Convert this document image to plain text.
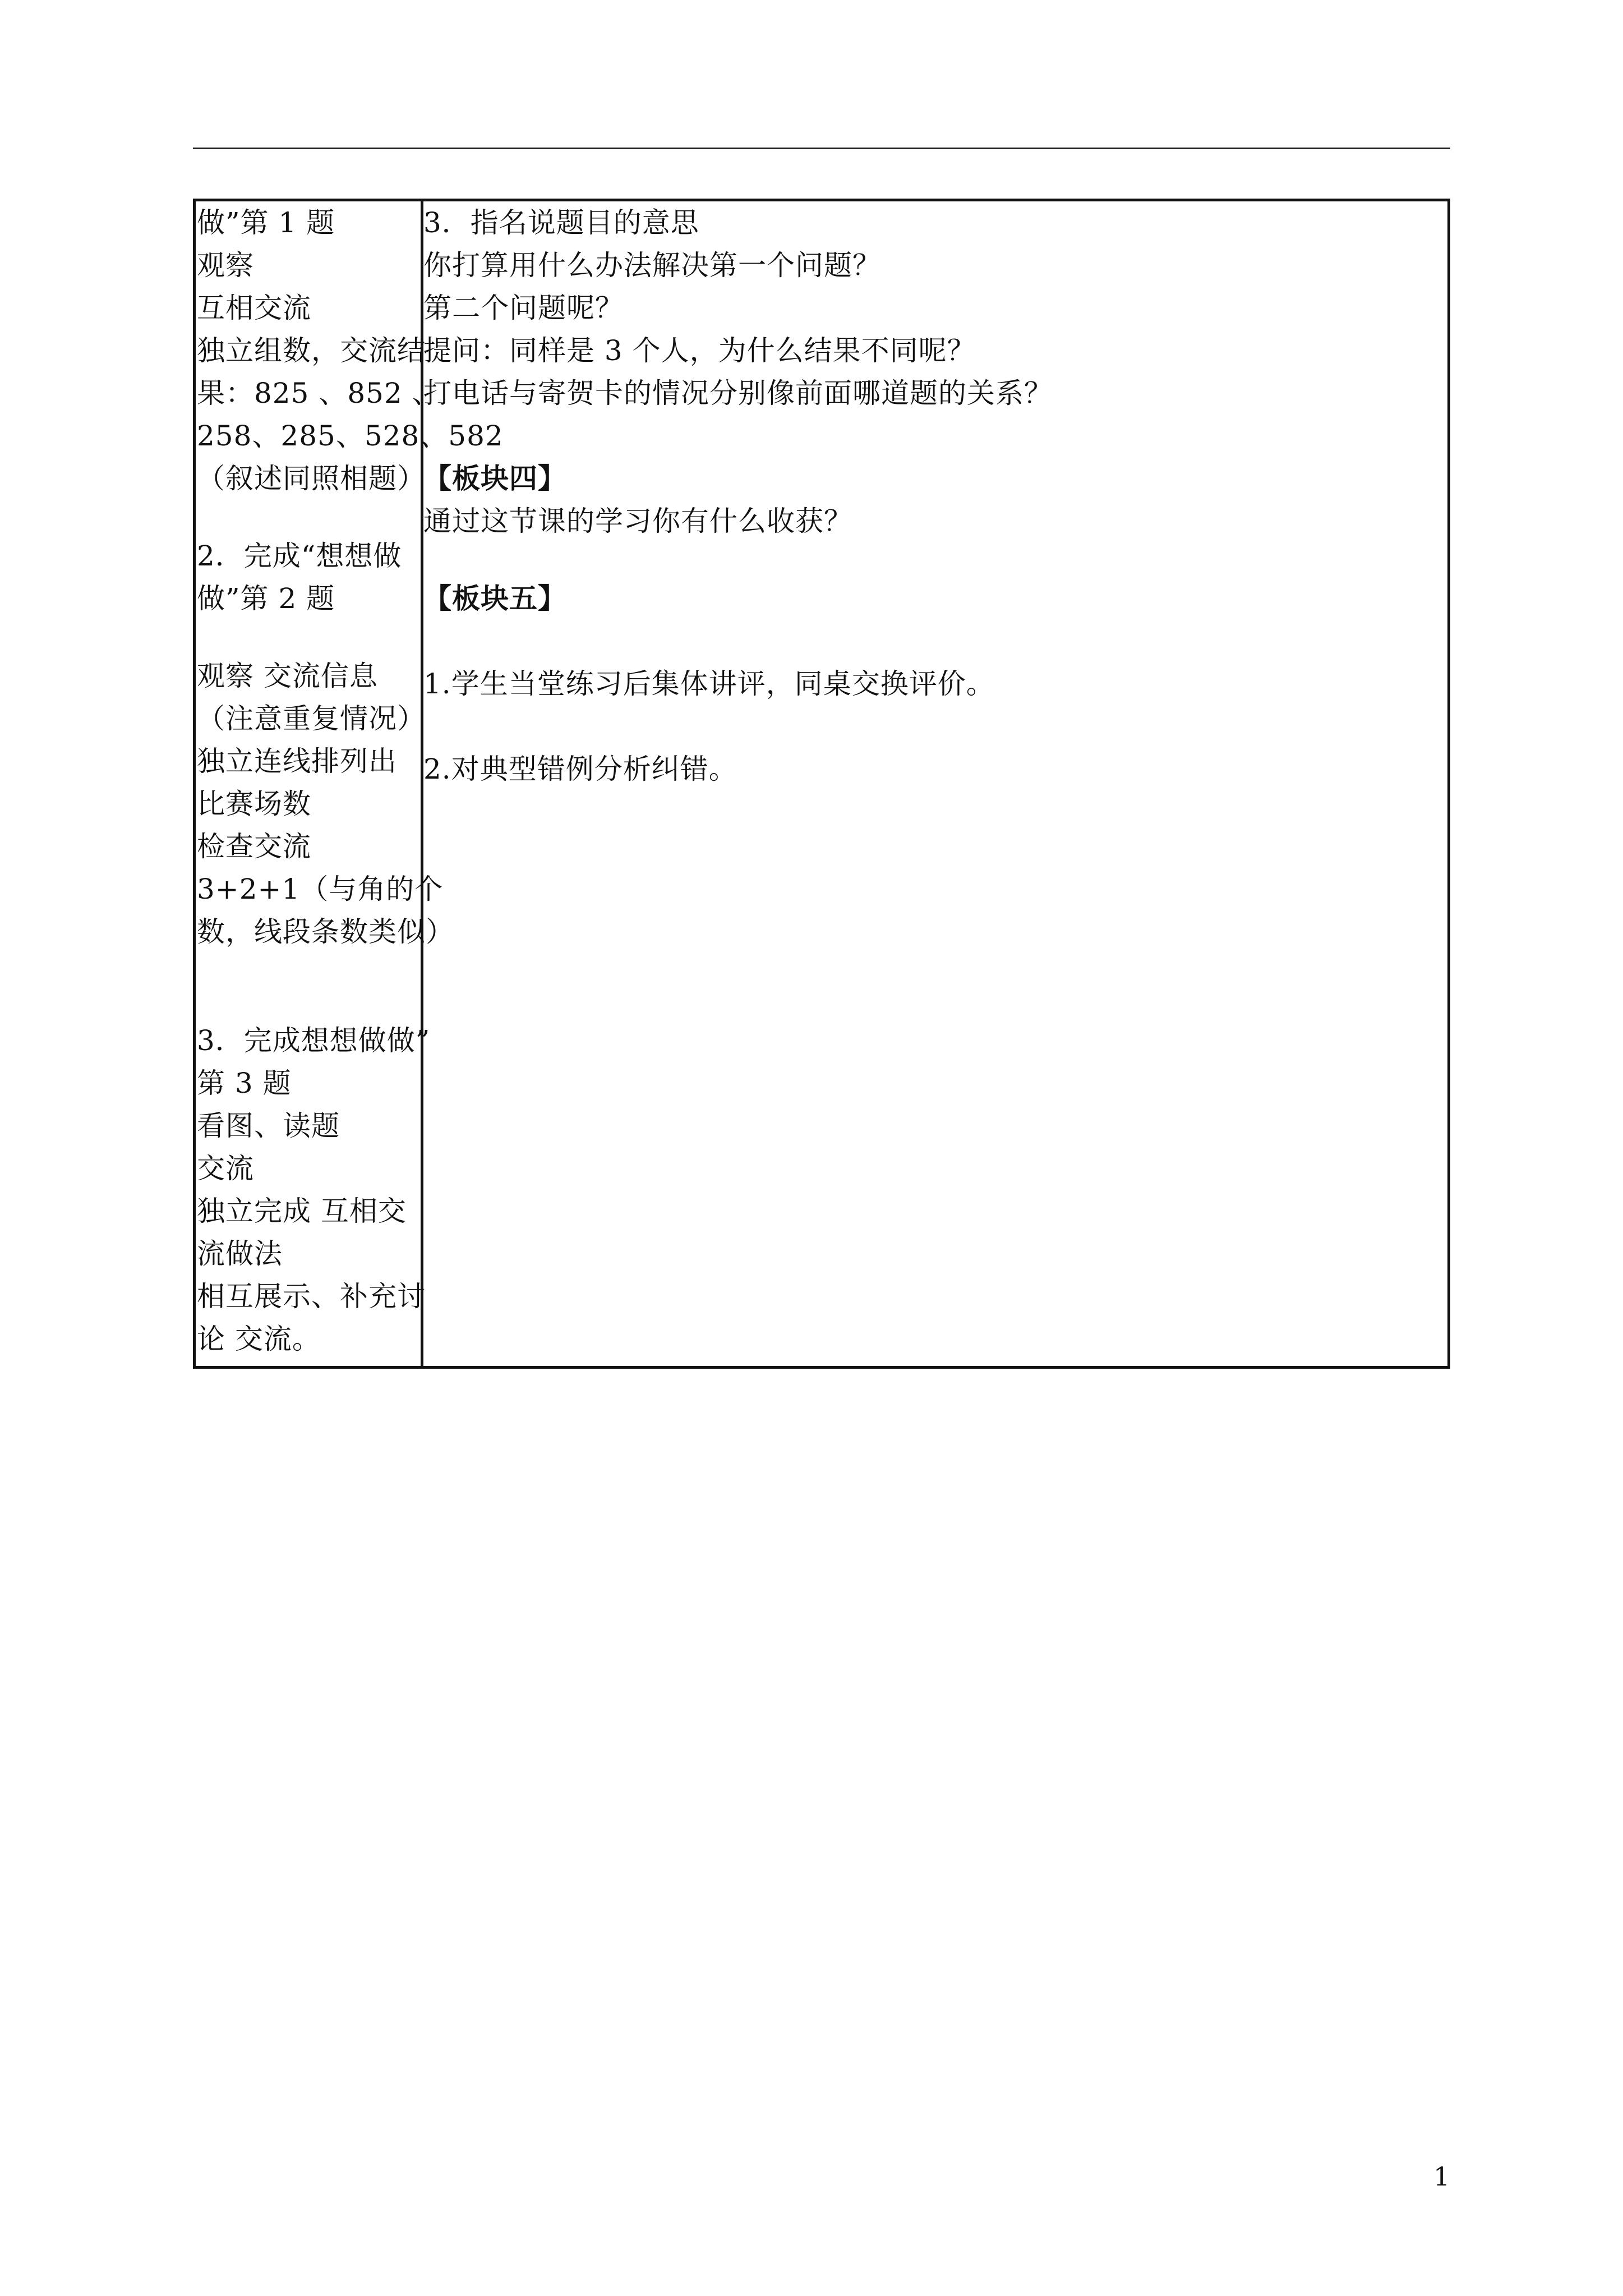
做”第 1 题
观察
互相交流
独立组数，交流结
果：825 、852 、
258、285、528、582
（叙述同照相题）
2．完成“想想做
做”第 2 题
观察 交流信息
（注意重复情况）
独立连线排列出
比赛场数
检查交流
3+2+1（与角的个
数，线段条数类似）
3．完成想想做做”
第 3 题
看图、读题
交流
独立完成 互相交
流做法
相互展示、补充讨
论 交流。
3．指名说题目的意思
你打算用什么办法解决第一个问题？
第二个问题呢？
提问：同样是 3 个人，为什么结果不同呢？
打电话与寄贺卡的情况分别像前面哪道题的关系？
【板块四】
通过这节课的学习你有什么收获？
【板块五】
1.学生当堂练习后集体讲评，同桌交换评价。
2.对典型错例分析纠错。
1
